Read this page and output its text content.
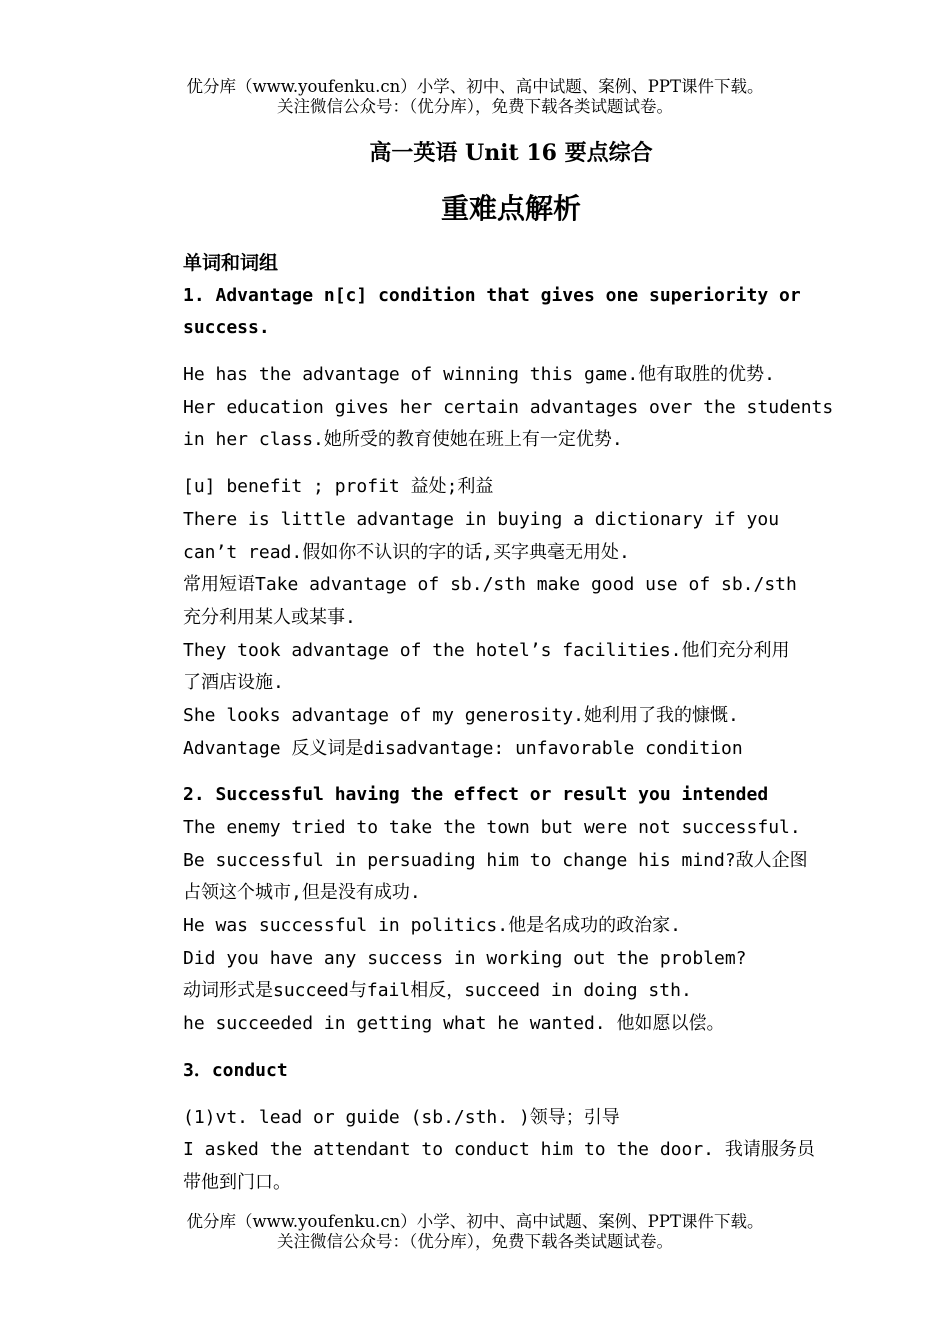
优分库（www.youfenku.cn）小学、初中、高中试题、案例、PPT课件下载。
关注微信公众号：（优分库），免费下载各类试题试卷。
高一英语 Unit 16 要点综合
重难点解析
单词和词组
1. Advantage n[c] condition that gives one superiority or
success.
He has the advantage of winning this game.他有取胜的优势.
Her education gives her certain advantages over the students
in her class.她所受的教育使她在班上有一定优势.
[u] benefit ; profit 益处;利益
There is little advantage in buying a dictionary if you
can’t read.假如你不认识的字的话,买字典毫无用处.
常用短语Take advantage of sb./sth make good use of sb./sth
充分利用某人或某事.
They took advantage of the hotel’s facilities.他们充分利用
了酒店设施.
She looks advantage of my generosity.她利用了我的慷慨.
Advantage 反义词是disadvantage: unfavorable condition
2. Successful having the effect or result you intended
The enemy tried to take the town but were not successful.
Be successful in persuading him to change his mind?敌人企图
占领这个城市,但是没有成功.
He was successful in politics.他是名成功的政治家.
Did you have any success in working out the problem?
动词形式是succeed与fail相反，succeed in doing sth.
he succeeded in getting what he wanted. 他如愿以偿。
3．conduct
(1)vt. lead or guide (sb./sth. )领导；引导
I asked the attendant to conduct him to the door. 我请服务员
带他到门口。
优分库（www.youfenku.cn）小学、初中、高中试题、案例、PPT课件下载。
关注微信公众号：（优分库），免费下载各类试题试卷。
